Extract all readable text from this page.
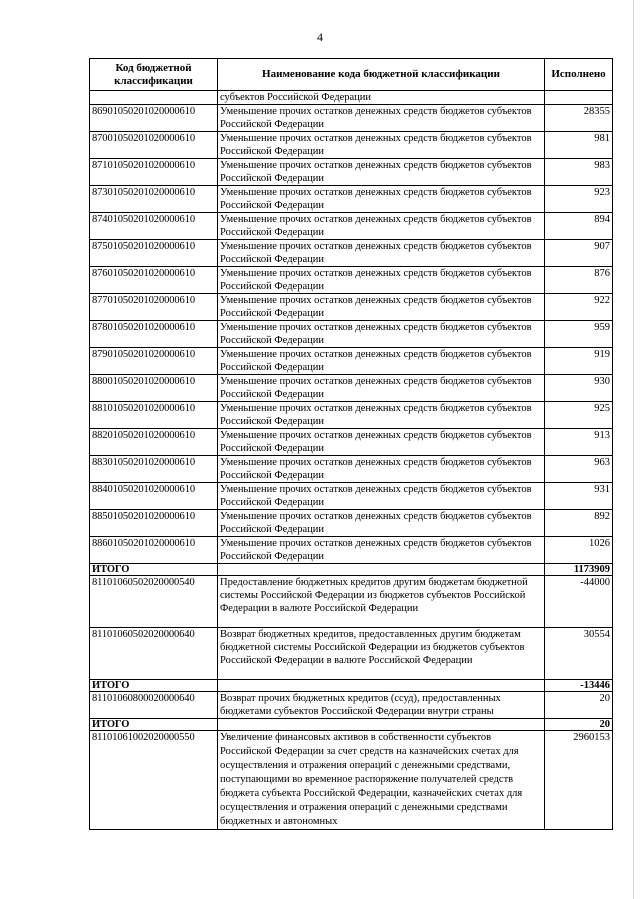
4
Код бюджетной классификации	Наименование кода бюджетной классификации	Исполнено
	субъектов Российской Федерации	
86901050201020000610	Уменьшение прочих остатков денежных средств бюджетов субъектов Российской Федерации	28355
87001050201020000610	Уменьшение прочих остатков денежных средств бюджетов субъектов Российской Федерации	981
87101050201020000610	Уменьшение прочих остатков денежных средств бюджетов субъектов Российской Федерации	983
87301050201020000610	Уменьшение прочих остатков денежных средств бюджетов субъектов Российской Федерации	923
87401050201020000610	Уменьшение прочих остатков денежных средств бюджетов субъектов Российской Федерации	894
87501050201020000610	Уменьшение прочих остатков денежных средств бюджетов субъектов Российской Федерации	907
87601050201020000610	Уменьшение прочих остатков денежных средств бюджетов субъектов Российской Федерации	876
87701050201020000610	Уменьшение прочих остатков денежных средств бюджетов субъектов Российской Федерации	922
87801050201020000610	Уменьшение прочих остатков денежных средств бюджетов субъектов Российской Федерации	959
87901050201020000610	Уменьшение прочих остатков денежных средств бюджетов субъектов Российской Федерации	919
88001050201020000610	Уменьшение прочих остатков денежных средств бюджетов субъектов Российской Федерации	930
88101050201020000610	Уменьшение прочих остатков денежных средств бюджетов субъектов Российской Федерации	925
88201050201020000610	Уменьшение прочих остатков денежных средств бюджетов субъектов Российской Федерации	913
88301050201020000610	Уменьшение прочих остатков денежных средств бюджетов субъектов Российской Федерации	963
88401050201020000610	Уменьшение прочих остатков денежных средств бюджетов субъектов Российской Федерации	931
88501050201020000610	Уменьшение прочих остатков денежных средств бюджетов субъектов Российской Федерации	892
88601050201020000610	Уменьшение прочих остатков денежных средств бюджетов субъектов Российской Федерации	1026
ИТОГО		1173909
81101060502020000540	Предоставление бюджетных кредитов другим бюджетам бюджетной системы Российской Федерации из бюджетов субъектов Российской Федерации в валюте Российской Федерации	-44000
81101060502020000640	Возврат бюджетных кредитов, предоставленных другим бюджетам бюджетной системы Российской Федерации из бюджетов субъектов Российской Федерации в валюте Российской Федерации	30554
ИТОГО		-13446
81101060800020000640	Возврат прочих бюджетных кредитов (ссуд), предоставленных бюджетами субъектов Российской Федерации внутри страны	20
ИТОГО		20
81101061002020000550	Увеличение финансовых активов в собственности субъектов Российской Федерации за счет средств на казначейских счетах для осуществления и отражения операций с денежными средствами, поступающими во временное распоряжение получателей средств бюджета субъекта Российской Федерации, казначейских счетах для осуществления и отражения операций с денежными средствами бюджетных и автономных	2960153
